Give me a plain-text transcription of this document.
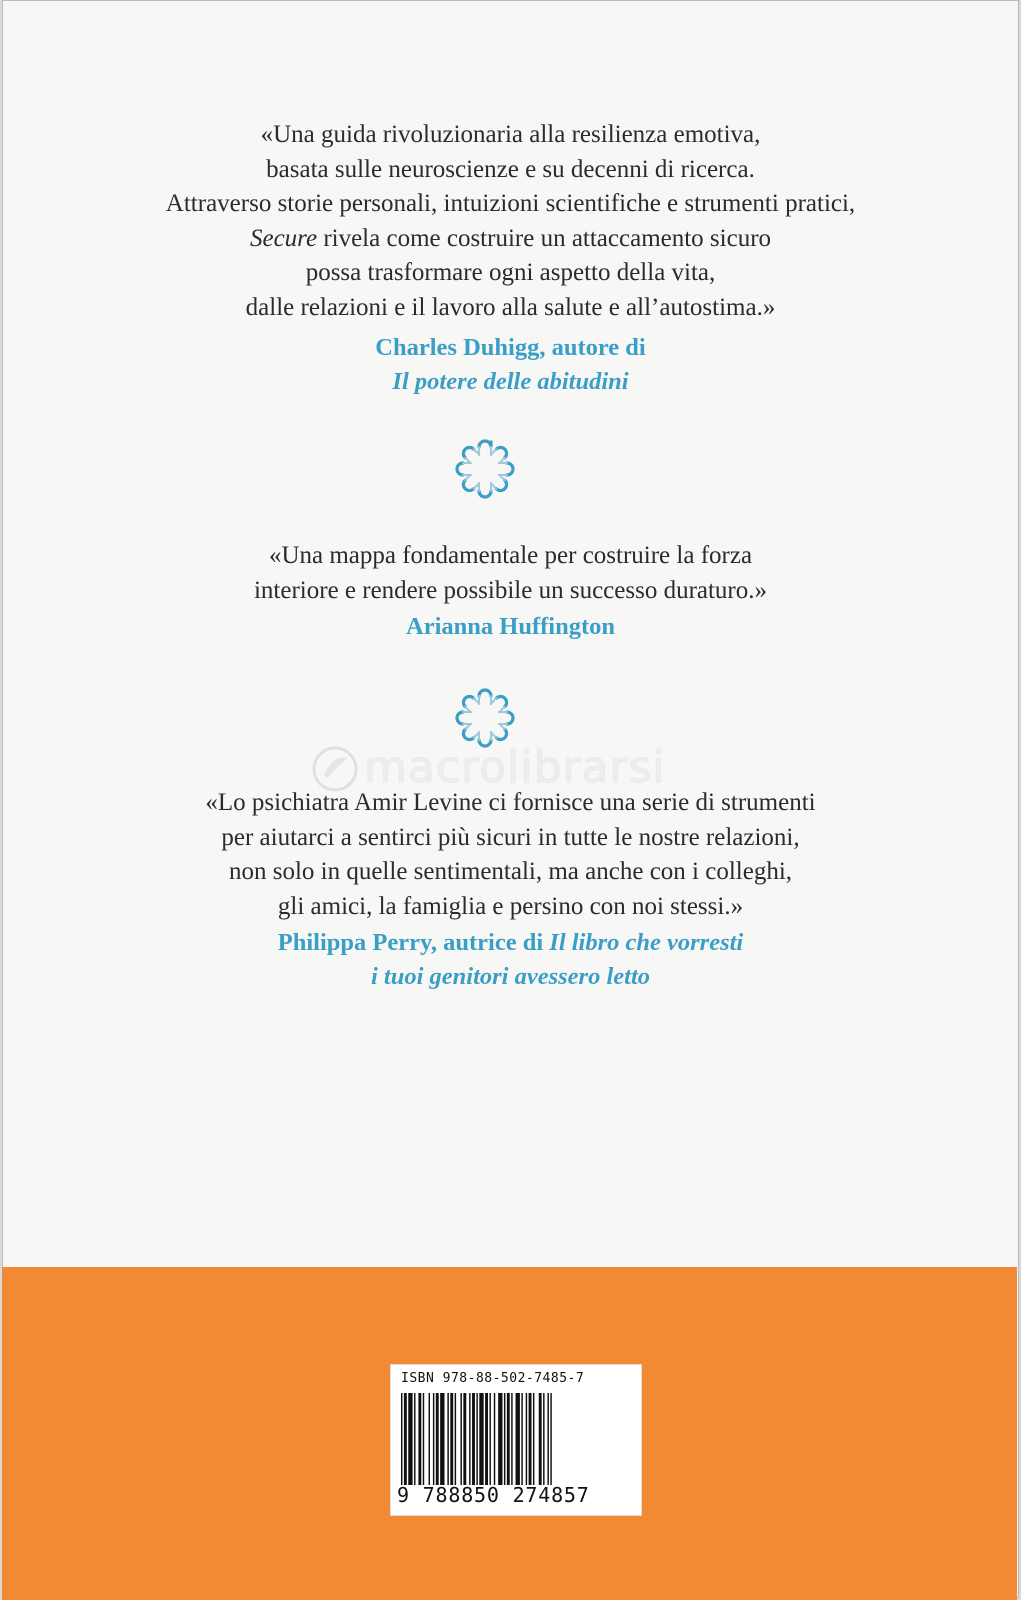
«Una guida rivoluzionaria alla resilienza emotiva,
basata sulle neuroscienze e su decenni di ricerca.
Attraverso storie personali, intuizioni scientifiche e strumenti pratici,
Secure rivela come costruire un attaccamento sicuro
possa trasformare ogni aspetto della vita,
dalle relazioni e il lavoro alla salute e all’autostima.»
Charles Duhigg, autore di
Il potere delle abitudini
«Una mappa fondamentale per costruire la forza
interiore e rendere possibile un successo duraturo.»
Arianna Huffington
macrolibrarsi
«Lo psichiatra Amir Levine ci fornisce una serie di strumenti
per aiutarci a sentirci più sicuri in tutte le nostre relazioni,
non solo in quelle sentimentali, ma anche con i colleghi,
gli amici, la famiglia e persino con noi stessi.»
Philippa Perry, autrice di Il libro che vorresti
i tuoi genitori avessero letto
ISBN 978-88-502-7485-7
9 788850 274857
